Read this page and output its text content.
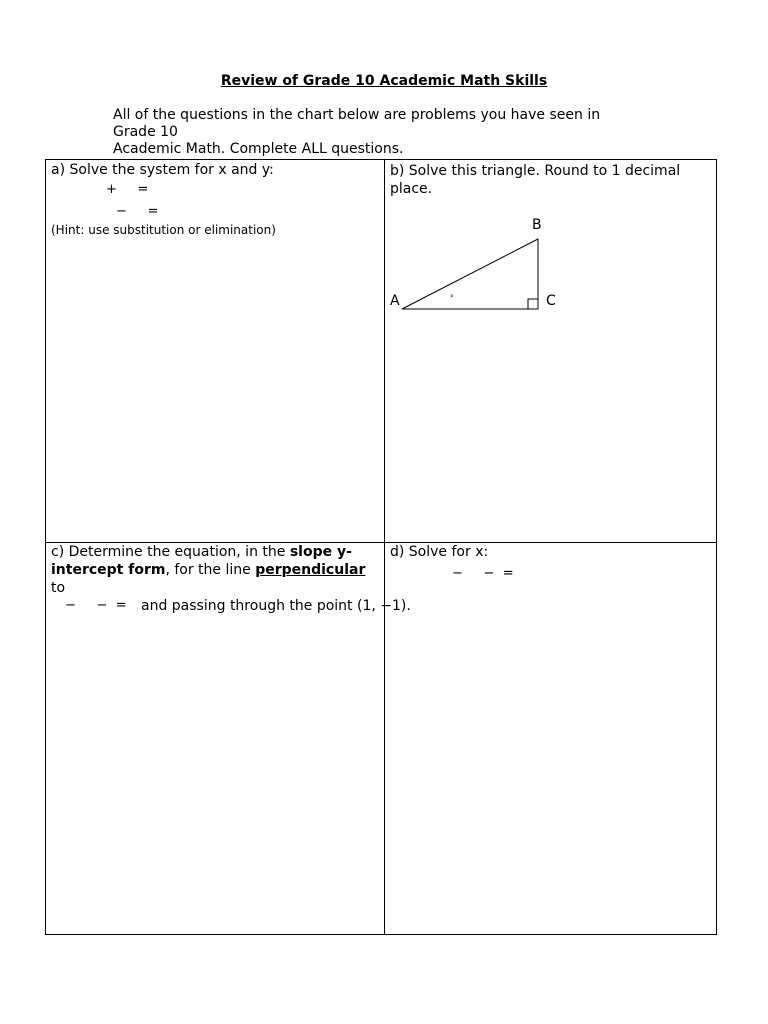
Review of Grade 10 Academic Math Skills
All of the questions in the chart below are problems you have seen in Grade 10
Academic Math. Complete ALL questions.
a) Solve the system for x and y:
+     =
−     =
(Hint: use substitution or elimination)
b) Solve this triangle. Round to 1 decimal place.
°
A
B
C
c) Determine the equation, in the slope y-
intercept form, for the line perpendicular to
−     −  = and passing through the point (1, −1).
d) Solve for x:
−     −  =
